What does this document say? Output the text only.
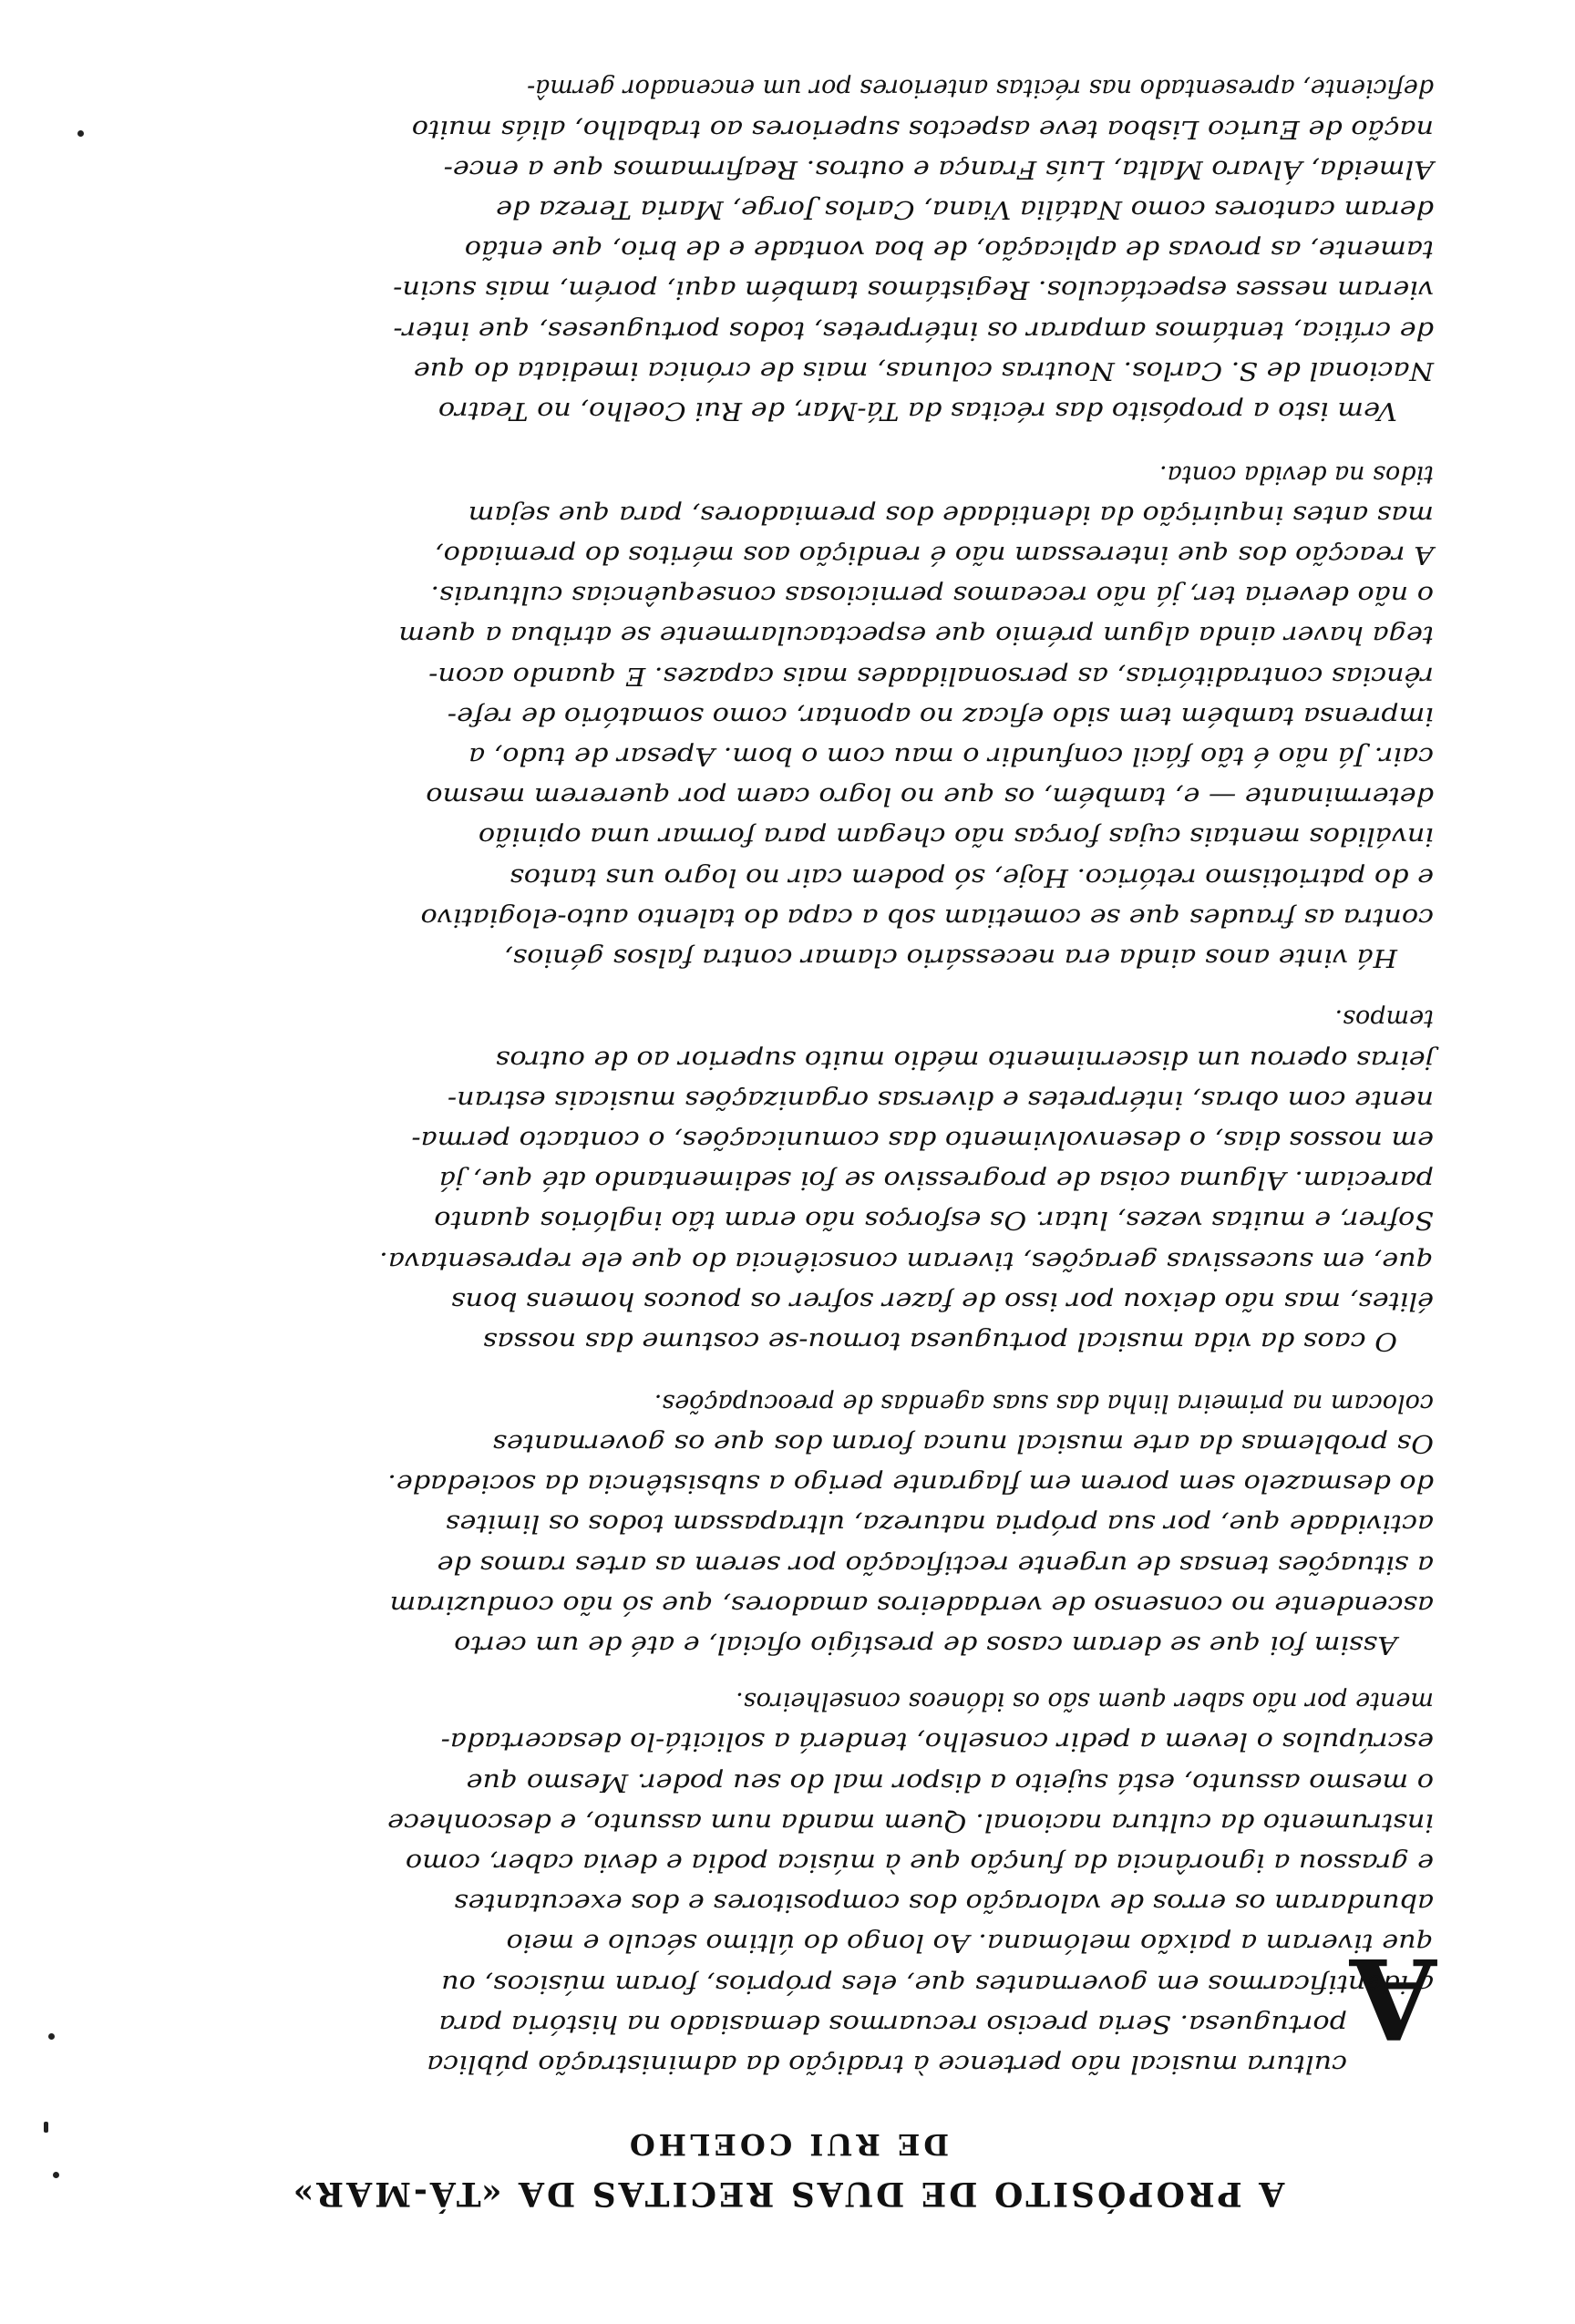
A PROPÓSITO DE DUAS RECITAS DA «TÁ-MAR»
DE RUI COELHO
A
cultura musical não pertence à tradição da administração pública
portuguesa. Seria preciso recuarmos demasiado na história para
a identificarmos em governantes que, eles próprios, foram músicos, ou
que tiveram a paixão melómana. Ao longo do último século e meio
abundaram os erros de valoração dos compositores e dos executantes
e grassou a ignorância da função que à música podia e devia caber, como
instrumento da cultura nacional. Quem manda num assunto, e desconhece
o mesmo assunto, está sujeito a dispor mal do seu poder. Mesmo que
escrúpulos o levem a pedir conselho, tenderá a solicitá-lo desacertada-
mente por não saber quem são os idóneos conselheiros.
Assim foi que se deram casos de prestígio oficial, e até de um certo
ascendente no consenso de verdadeiros amadores, que só não conduziram
a situações tensas de urgente rectificação por serem as artes ramos de
actividade que, por sua própria natureza, ultrapassam todos os limites
do desmazelo sem porem em flagrante perigo a subsistência da sociedade.
Os problemas da arte musical nunca foram dos que os governantes
colocam na primeira linha das suas agendas de preocupações.
O caos da vida musical portuguesa tornou-se costume das nossas
élites, mas não deixou por isso de fazer sofrer os poucos homens bons
que, em sucessivas gerações, tiveram consciência do que ele representava.
Sofrer, e muitas vezes, lutar. Os esforços não eram tão inglórios quanto
pareciam. Alguma coisa de progressivo se foi sedimentando até que, já
em nossos dias, o desenvolvimento das comunicações, o contacto perma-
nente com obras, intérpretes e diversas organizações musicais estran-
jeiras operou um discernimento médio muito superior ao de outros
tempos.
Há vinte anos ainda era necessário clamar contra falsos génios,
contra as fraudes que se cometiam sob a capa do talento auto-elogiativo
e do patriotismo retórico. Hoje, só podem cair no logro uns tantos
inválidos mentais cujas forças não chegam para formar uma opinião
determinante — e, também, os que no logro caem por quererem mesmo
cair. Já não é tão fácil confundir o mau com o bom. Apesar de tudo, a
imprensa também tem sido eficaz no apontar, como somatório de refe-
rências contraditórias, as personalidades mais capazes. E quando acon-
tega haver ainda algum prémio que espectacularmente se atribua a quem
o não deveria ter, já não receamos perniciosas consequências culturais.
A reacção dos que interessam não é rendição aos méritos do premiado,
mas antes inquirição da identidade dos premiadores, para que sejam
tidos na devida conta.
Vem isto a propósito das récitas da Tá-Mar, de Rui Coelho, no Teatro
Nacional de S. Carlos. Noutras colunas, mais de crónica imediata do que
de crítica, tentámos amparar os intérpretes, todos portugueses, que inter-
vieram nesses espectáculos. Registámos também aqui, porém, mais sucin-
tamente, as provas de aplicação, de boa vontade e de brio, que então
deram cantores como Natália Viana, Carlos Jorge, Maria Tereza de
Almeida, Álvaro Malta, Luís França e outros. Reafirmamos que a ence-
nação de Eurico Lisboa teve aspectos superiores ao trabalho, aliás muito
deficiente, apresentado nas récitas anteriores por um encenador germâ-
